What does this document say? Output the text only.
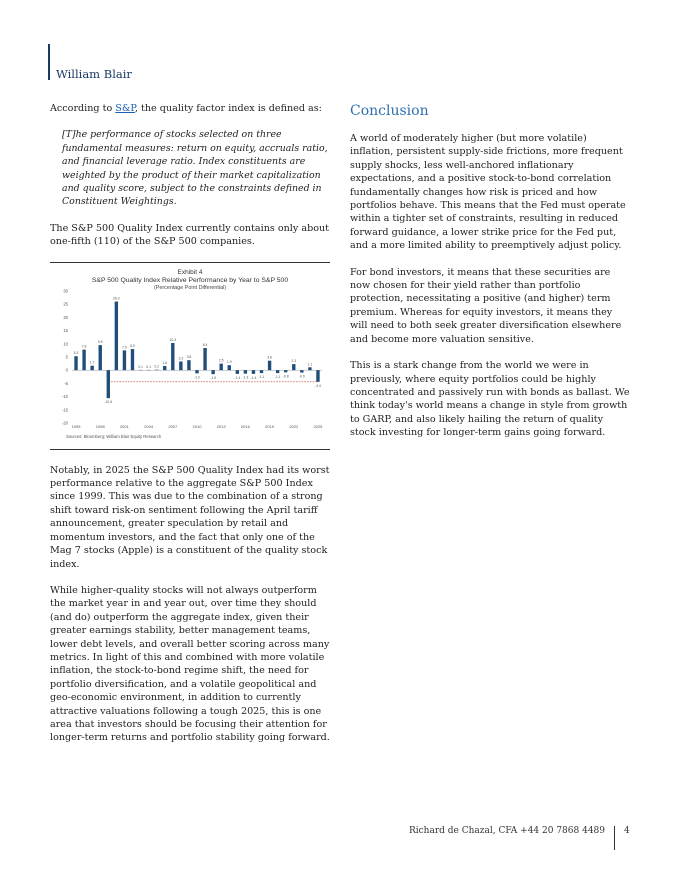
William Blair

According to S&P, the quality factor index is defined as:

[T]he performance of stocks selected on three fundamental measures: return on equity, accruals ratio, and financial leverage ratio. Index constituents are weighted by the product of their market capitalization and quality score, subject to the constraints defined in Constituent Weightings.

The S&P 500 Quality Index currently contains only about one-fifth (110) of the S&P 500 companies.

Exhibit 4
S&P 500 Quality Index Relative Performance by Year to S&P 500
(Percentage Point Differential)
30
25
20
15
10
5
0
-5
-10
-15
-20
5.3
7.8
1.7
9.5
-10.6
26.0
7.5 8.0
0.1 0.1 0.2
1.6
10.3
3.3 3.8
-1.2
8.4
-1.5
2.5 1.9
-1.4 -1.3 -1.4 -1.1
3.6
-1.1 -0.8
2.3
-0.9
1.1
-4.4
1995	1998	2001	2004	2007	2010	2013	2016	2019	2022	2025
Sources: Bloomberg; William Blair Equity Research

Notably, in 2025 the S&P 500 Quality Index had its worst performance relative to the aggregate S&P 500 Index since 1999. This was due to the combination of a strong shift toward risk-on sentiment following the April tariff announcement, greater speculation by retail and momentum investors, and the fact that only one of the Mag 7 stocks (Apple) is a constituent of the quality stock index.

While higher-quality stocks will not always outperform the market year in and year out, over time they should (and do) outperform the aggregate index, given their greater earnings stability, better management teams, lower debt levels, and overall better scoring across many metrics. In light of this and combined with more volatile inflation, the stock-to-bond regime shift, the need for portfolio diversification, and a volatile geopolitical and geo-economic environment, in addition to currently attractive valuations following a tough 2025, this is one area that investors should be focusing their attention for longer-term returns and portfolio stability going forward.

Conclusion

A world of moderately higher (but more volatile) inflation, persistent supply-side frictions, more frequent supply shocks, less well-anchored inflationary expectations, and a positive stock-to-bond correlation fundamentally changes how risk is priced and how portfolios behave. This means that the Fed must operate within a tighter set of constraints, resulting in reduced forward guidance, a lower strike price for the Fed put, and a more limited ability to preemptively adjust policy.

For bond investors, it means that these securities are now chosen for their yield rather than portfolio protection, necessitating a positive (and higher) term premium. Whereas for equity investors, it means they will need to both seek greater diversification elsewhere and become more valuation sensitive.

This is a stark change from the world we were in previously, where equity portfolios could be highly concentrated and passively run with bonds as ballast. We think today's world means a change in style from growth to GARP, and also likely hailing the return of quality stock investing for longer-term gains going forward.

Richard de Chazal, CFA +44 20 7868 4489 4
